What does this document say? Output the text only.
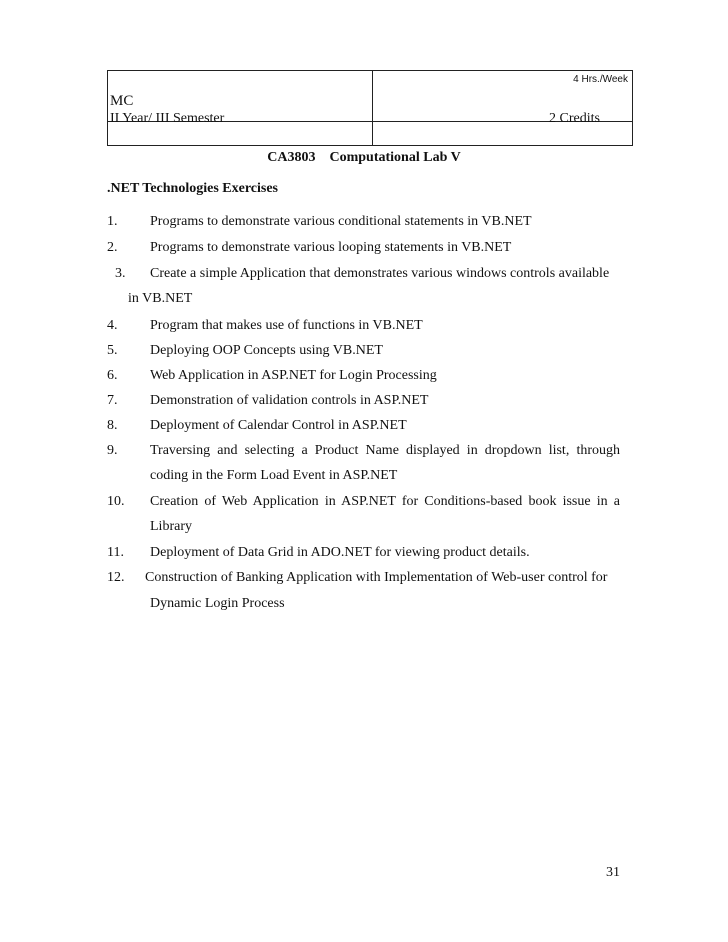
4 Hrs./Week
MC
II Year/ III Semester	2 Credits
CA3803 Computational Lab V
.NET Technologies Exercises
1. Programs to demonstrate various conditional statements in VB.NET
2. Programs to demonstrate various looping statements in VB.NET
3. Create a simple Application that demonstrates various windows controls available
in VB.NET
4. Program that makes use of functions in VB.NET
5. Deploying OOP Concepts using VB.NET
6. Web Application in ASP.NET for Login Processing
7. Demonstration of validation controls in ASP.NET
8. Deployment of Calendar Control in ASP.NET
9. Traversing and selecting a Product Name displayed in dropdown list, through
coding in the Form Load Event in ASP.NET
10. Creation of Web Application in ASP.NET for Conditions-based book issue in a
Library
11. Deployment of Data Grid in ADO.NET for viewing product details.
12. Construction of Banking Application with Implementation of Web-user control for
Dynamic Login Process
31
